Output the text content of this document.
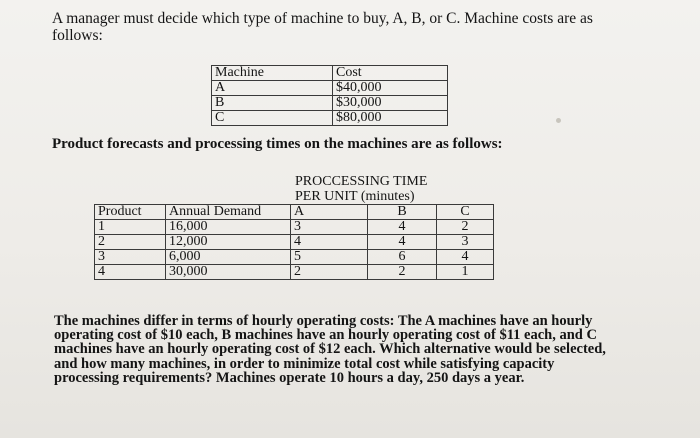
A manager must decide which type of machine to buy, A, B, or C. Machine costs are as
follows:
Machine	Cost
A	$40,000
B	$30,000
C	$80,000
Product forecasts and processing times on the machines are as follows:
PROCCESSING TIME
PER UNIT (minutes)
Product	Annual Demand	A	B	C
1	16,000	3	4	2
2	12,000	4	4	3
3	6,000	5	6	4
4	30,000	2	2	1
The machines differ in terms of hourly operating costs: The A machines have an hourly
operating cost of $10 each, B machines have an hourly operating cost of $11 each, and C
machines have an hourly operating cost of $12 each. Which alternative would be selected,
and how many machines, in order to minimize total cost while satisfying capacity
processing requirements? Machines operate 10 hours a day, 250 days a year.
